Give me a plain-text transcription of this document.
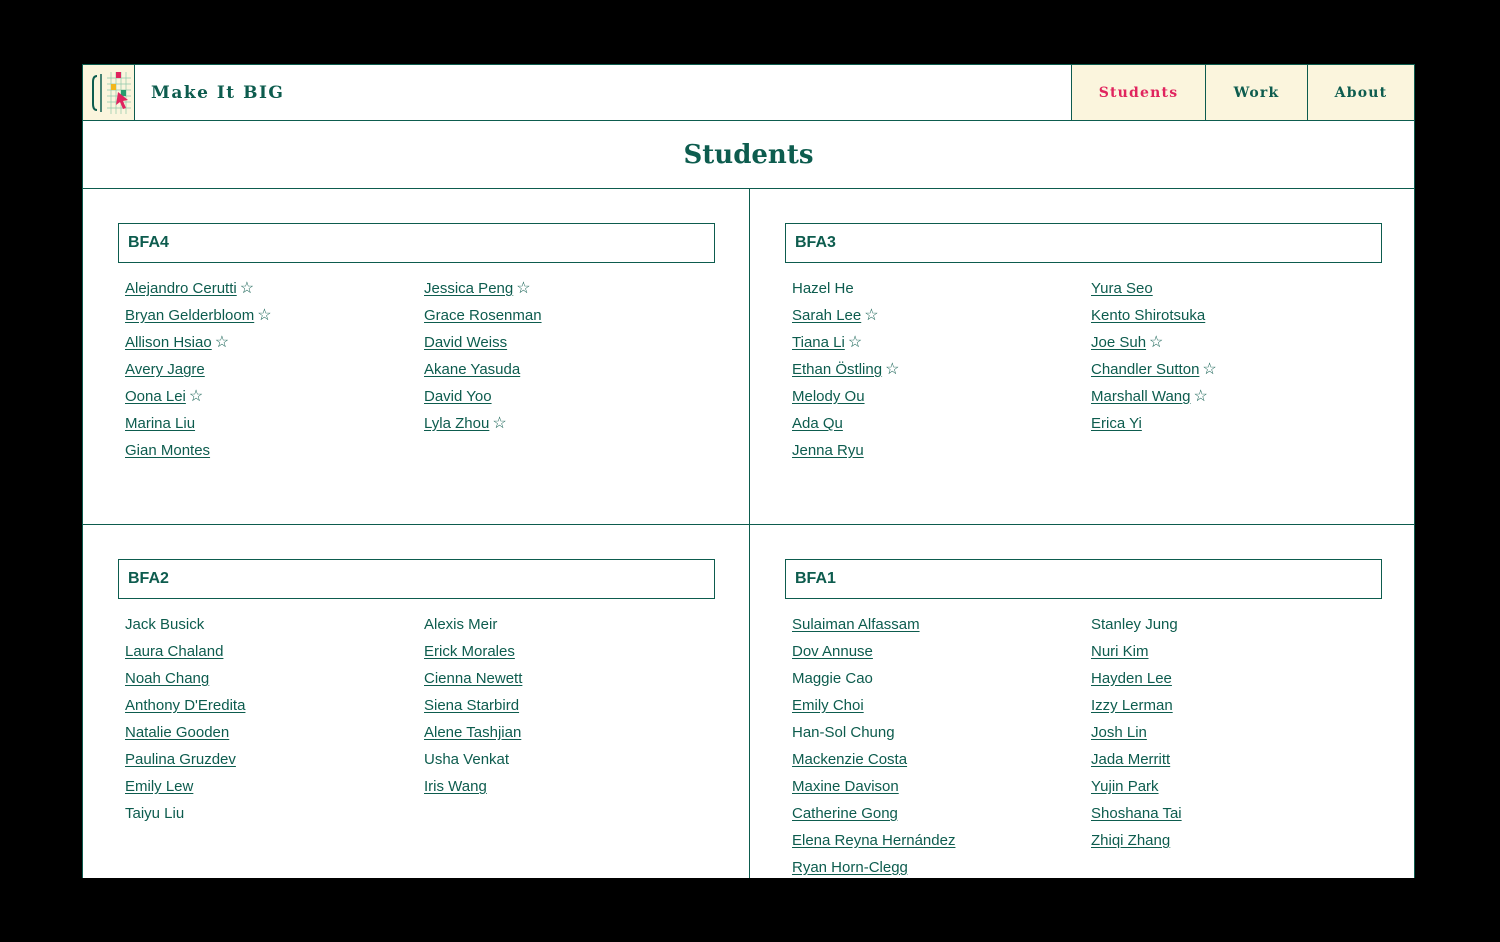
Make It BIG	Students	Work	About
Students
BFA4
Alejandro Cerutti ☆
Bryan Gelderbloom ☆
Allison Hsiao ☆
Avery Jagre
Oona Lei ☆
Marina Liu
Gian Montes
Jessica Peng ☆
Grace Rosenman
David Weiss
Akane Yasuda
David Yoo
Lyla Zhou ☆
BFA3
Hazel He
Sarah Lee ☆
Tiana Li ☆
Ethan Östling ☆
Melody Ou
Ada Qu
Jenna Ryu
Yura Seo
Kento Shirotsuka
Joe Suh ☆
Chandler Sutton ☆
Marshall Wang ☆
Erica Yi
BFA2
Jack Busick
Laura Chaland
Noah Chang
Anthony D'Eredita
Natalie Gooden
Paulina Gruzdev
Emily Lew
Taiyu Liu
Alexis Meir
Erick Morales
Cienna Newett
Siena Starbird
Alene Tashjian
Usha Venkat
Iris Wang
BFA1
Sulaiman Alfassam
Dov Annuse
Maggie Cao
Emily Choi
Han-Sol Chung
Mackenzie Costa
Maxine Davison
Catherine Gong
Elena Reyna Hernández
Ryan Horn-Clegg
Stanley Jung
Nuri Kim
Hayden Lee
Izzy Lerman
Josh Lin
Jada Merritt
Yujin Park
Shoshana Tai
Zhiqi Zhang
